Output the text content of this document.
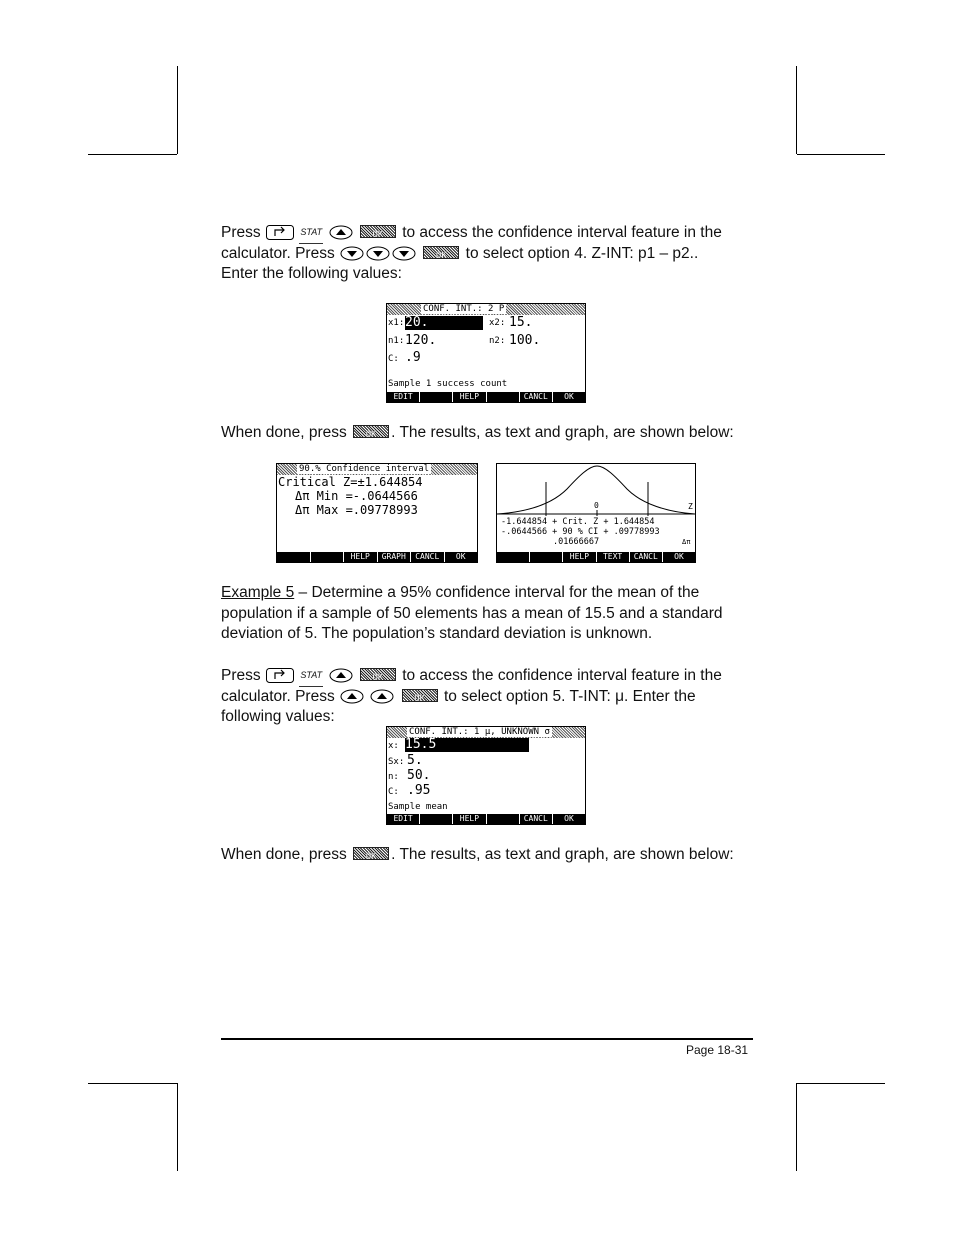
Press	STAT	OK	to access the confidence interval feature in the
calculator. Press	OK	to select option 4. Z-INT: p1 – p2..
Enter the following values:
CONF. INT.: 2 P
x1: 20.	x2: 15.
n1: 120.	n2: 100.
C: .9
Sample 1 success count
EDIT	HELP	CANCL	OK
When done, press	OK . The results, as text and graph, are shown below:
90.% Confidence interval
Critical Z=±1.644854
Δπ Min =-.0644566
Δπ Max =.09778993
HELP	GRAPH	CANCL	OK
0	Z
-1.644854 + Crit. Z + 1.644854
-.0644566 + 90 % CI + .09778993
.01666667	Δπ
HELP	TEXT	CANCL	OK
Example 5 – Determine a 95% confidence interval for the mean of the
population if a sample of 50 elements has a mean of 15.5 and a standard
deviation of 5. The population’s standard deviation is unknown.
Press	STAT	OK	to access the confidence interval feature in the
calculator. Press	OK	to select option 5. T-INT: μ. Enter the
following values:
CONF. INT.: 1 μ, UNKNOWN σ
x: 15.5
Sx: 5.
n: 50.
C: .95
Sample mean
EDIT	HELP	CANCL	OK
When done, press	OK . The results, as text and graph, are shown below:
Page 18-31
